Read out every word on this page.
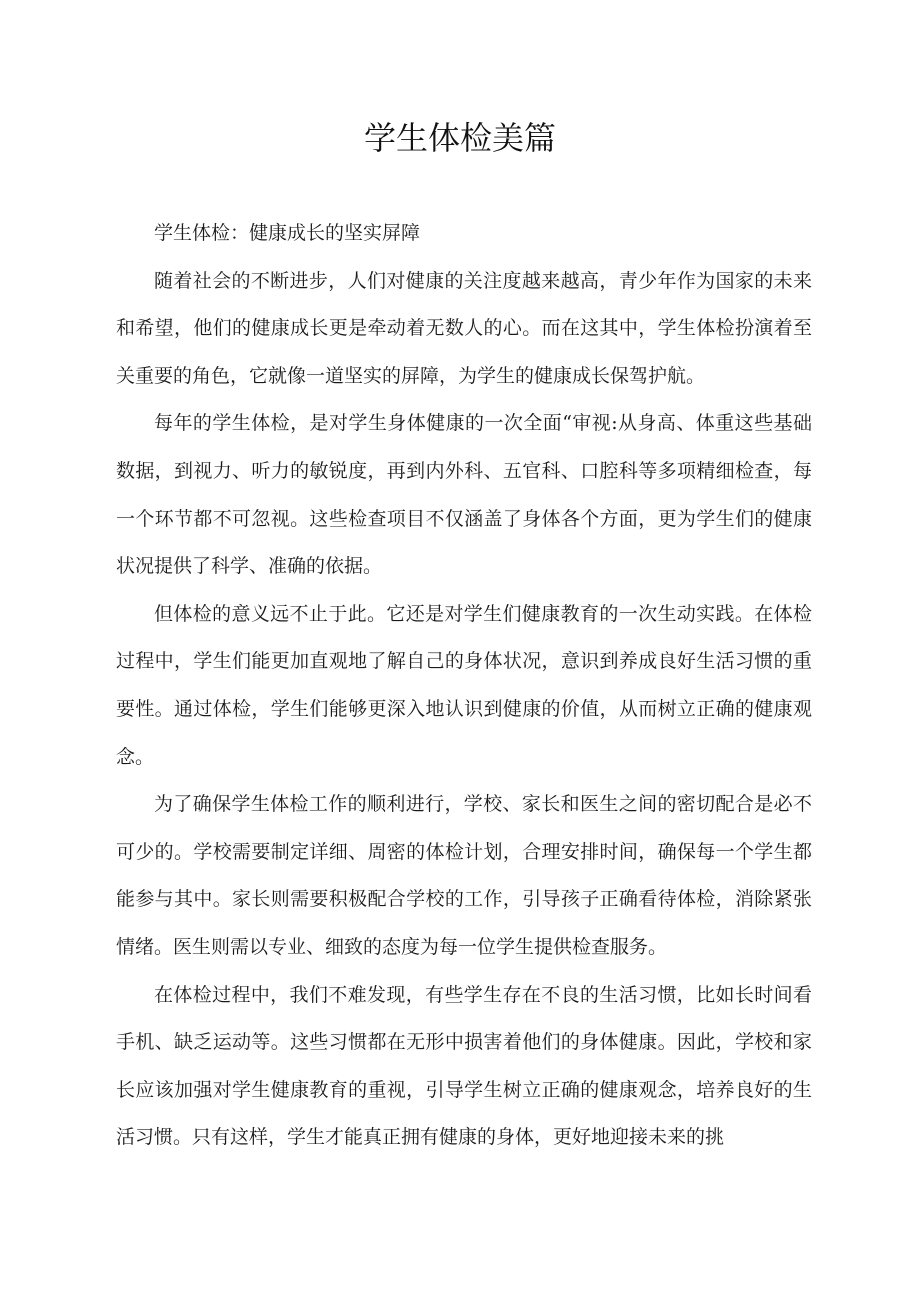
学生体检美篇

学生体检：健康成长的坚实屏障

随着社会的不断进步，人们对健康的关注度越来越高，青少年作为国家的未来和希望，他们的健康成长更是牵动着无数人的心。而在这其中，学生体检扮演着至关重要的角色，它就像一道坚实的屏障，为学生的健康成长保驾护航。

每年的学生体检，是对学生身体健康的一次全面“审视:从身高、体重这些基础数据，到视力、听力的敏锐度，再到内外科、五官科、口腔科等多项精细检查，每一个环节都不可忽视。这些检查项目不仅涵盖了身体各个方面，更为学生们的健康状况提供了科学、准确的依据。

但体检的意义远不止于此。它还是对学生们健康教育的一次生动实践。在体检过程中，学生们能更加直观地了解自己的身体状况，意识到养成良好生活习惯的重要性。通过体检，学生们能够更深入地认识到健康的价值，从而树立正确的健康观念。

为了确保学生体检工作的顺利进行，学校、家长和医生之间的密切配合是必不可少的。学校需要制定详细、周密的体检计划，合理安排时间，确保每一个学生都能参与其中。家长则需要积极配合学校的工作，引导孩子正确看待体检，消除紧张情绪。医生则需以专业、细致的态度为每一位学生提供检查服务。

在体检过程中，我们不难发现，有些学生存在不良的生活习惯，比如长时间看手机、缺乏运动等。这些习惯都在无形中损害着他们的身体健康。因此，学校和家长应该加强对学生健康教育的重视，引导学生树立正确的健康观念，培养良好的生活习惯。只有这样，学生才能真正拥有健康的身体，更好地迎接未来的挑
